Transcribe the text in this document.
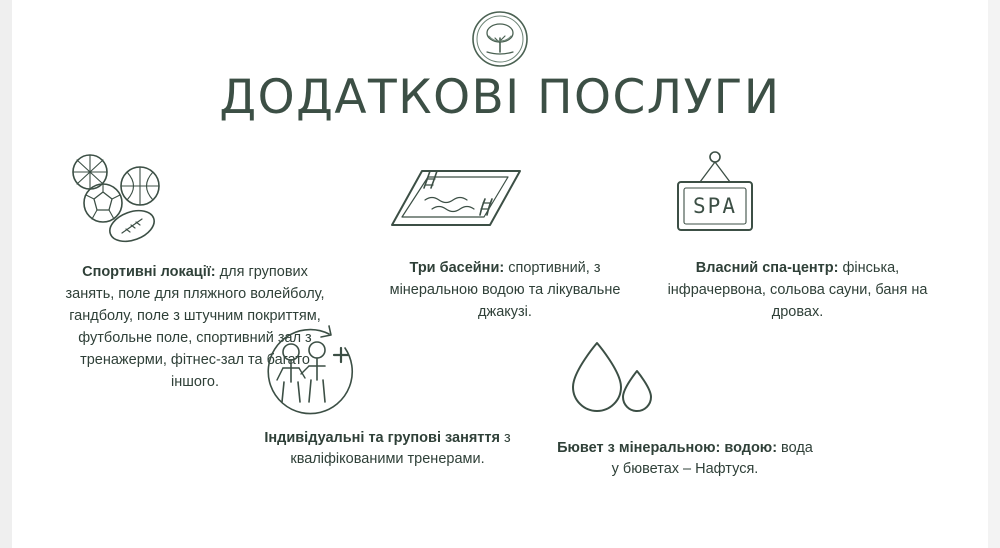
ДОДАТКОВІ ПОСЛУГИ
Спортивні локації: для групових занять, поле для пляжного волейболу, гандболу, поле з штучним покриттям, футбольне поле, спортивний зал з тренажерми, фітнес-зал та багато іншого.
Три басейни: спортивний, з мінеральною водою та лікувальне джакузі.
SPA
Власний спа-центр: фінська, інфрачервона, сольова сауни, баня на дровах.
Індивідуальні та групові заняття з кваліфікованими тренерами.
Бювет з мінеральною: водою: вода у бюветах – Нафтуся.
